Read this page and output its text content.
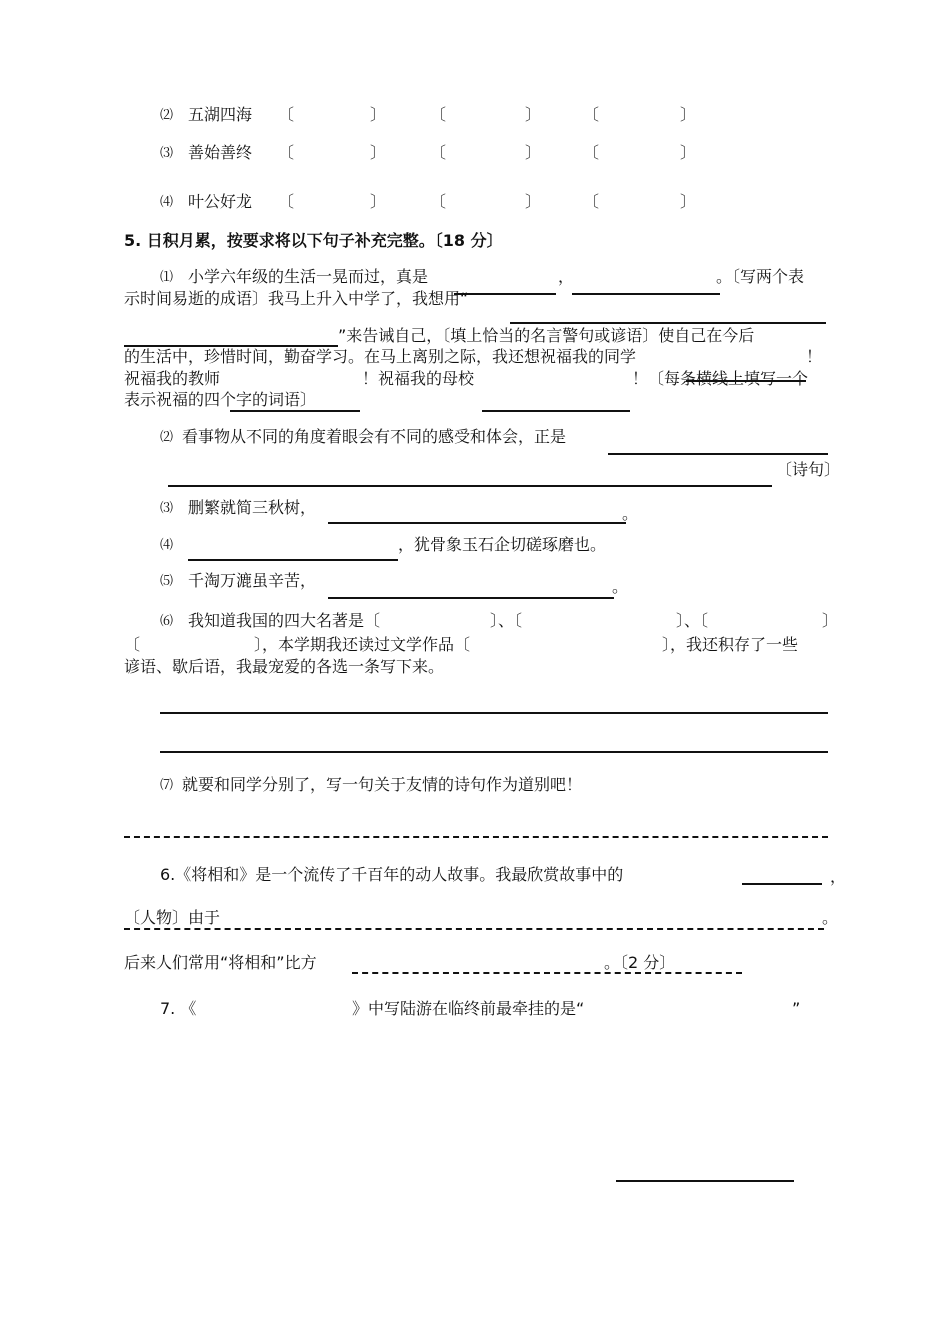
⑵ 五湖四海 〔	〕	〔	〕	〔	〕
⑶ 善始善终 〔	〕	〔	〕	〔	〕
⑷ 叶公好龙 〔	〕	〔	〕	〔	〕
5. 日积月累，按要求将以下句子补充完整。〔18 分〕
⑴ 小学六年级的生活一晃而过，真是	，	。〔写两个表
示时间易逝的成语〕我马上升入中学了，我想用“
”来告诫自己，〔填上恰当的名言警句或谚语〕使自己在今后
的生活中，珍惜时间，勤奋学习。在马上离别之际，我还想祝福我的同学	！
祝福我的教师	！祝福我的母校	！〔每条横线上填写一个
表示祝福的四个字的词语〕
⑵ 看事物从不同的角度着眼会有不同的感受和体会，正是
〔诗句〕
⑶ 删繁就简三秋树，	。
⑷	，犹骨象玉石企切磋琢磨也。
⑸ 千淘万漉虽辛苦，	。
⑹ 我知道我国的四大名著是〔	〕、〔	〕、〔	〕
〔	〕，本学期我还读过文学作品〔	〕，我还积存了一些
谚语、歇后语，我最宠爱的各选一条写下来。
⑺ 就要和同学分别了，写一句关于友情的诗句作为道别吧！
6.《将相和》是一个流传了千百年的动人故事。我最欣赏故事中的	，
〔人物〕由于	。
后来人们常用“将相和”比方	。〔2 分〕
7. 《	》中写陆游在临终前最牵挂的是“	”
